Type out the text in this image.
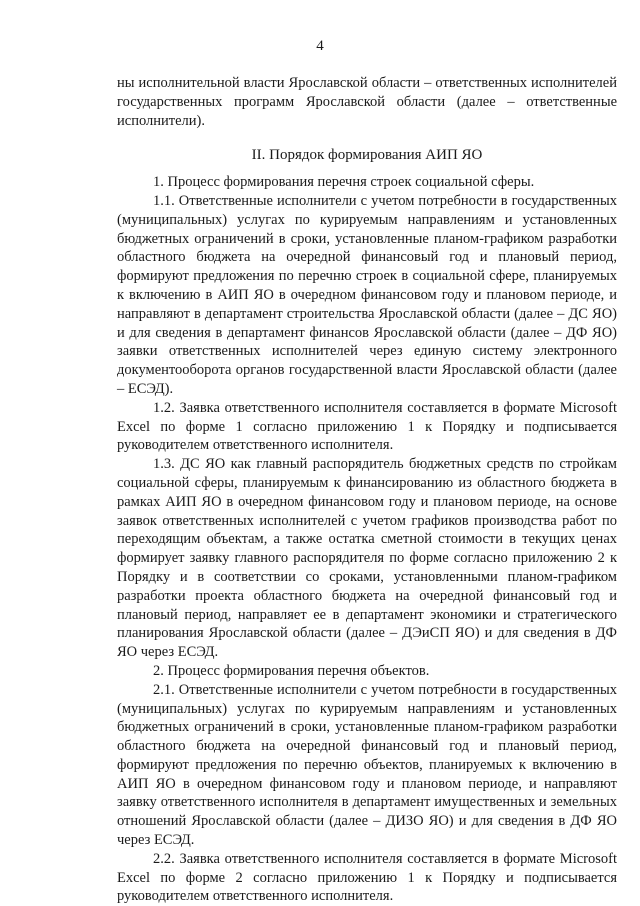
4

ны исполнительной власти Ярославской области – ответственных исполнителей государственных программ Ярославской области (далее – ответственные исполнители).

II. Порядок формирования АИП ЯО

1. Процесс формирования перечня строек социальной сферы.

1.1. Ответственные исполнители с учетом потребности в государственных (муниципальных) услугах по курируемым направлениям и установленных бюджетных ограничений в сроки, установленные планом-графиком разработки областного бюджета на очередной финансовый год и плановый период, формируют предложения по перечню строек в социальной сфере, планируемых к включению в АИП ЯО в очередном финансовом году и плановом периоде, и направляют в департамент строительства Ярославской области (далее – ДС ЯО) и для сведения в департамент финансов Ярославской области (далее – ДФ ЯО) заявки ответственных исполнителей через единую систему электронного документооборота органов государственной власти Ярославской области (далее – ЕСЭД).

1.2. Заявка ответственного исполнителя составляется в формате Microsoft Excel по форме 1 согласно приложению 1 к Порядку и подписывается руководителем ответственного исполнителя.

1.3. ДС ЯО как главный распорядитель бюджетных средств по стройкам социальной сферы, планируемым к финансированию из областного бюджета в рамках АИП ЯО в очередном финансовом году и плановом периоде, на основе заявок ответственных исполнителей с учетом графиков производства работ по переходящим объектам, а также остатка сметной стоимости в текущих ценах формирует заявку главного распорядителя по форме согласно приложению 2 к Порядку и в соответствии со сроками, установленными планом-графиком разработки проекта областного бюджета на очередной финансовый год и плановый период, направляет ее в департамент экономики и стратегического планирования Ярославской области (далее – ДЭиСП ЯО) и для сведения в ДФ ЯО через ЕСЭД.

2. Процесс формирования перечня объектов.

2.1. Ответственные исполнители с учетом потребности в государственных (муниципальных) услугах по курируемым направлениям и установленных бюджетных ограничений в сроки, установленные планом-графиком разработки областного бюджета на очередной финансовый год и плановый период, формируют предложения по перечню объектов, планируемых к включению в АИП ЯО в очередном финансовом году и плановом периоде, и направляют заявку ответственного исполнителя в департамент имущественных и земельных отношений Ярославской области (далее – ДИЗО ЯО) и для сведения в ДФ ЯО через ЕСЭД.

2.2. Заявка ответственного исполнителя составляется в формате Microsoft Excel по форме 2 согласно приложению 1 к Порядку и подписывается руководителем ответственного исполнителя.
